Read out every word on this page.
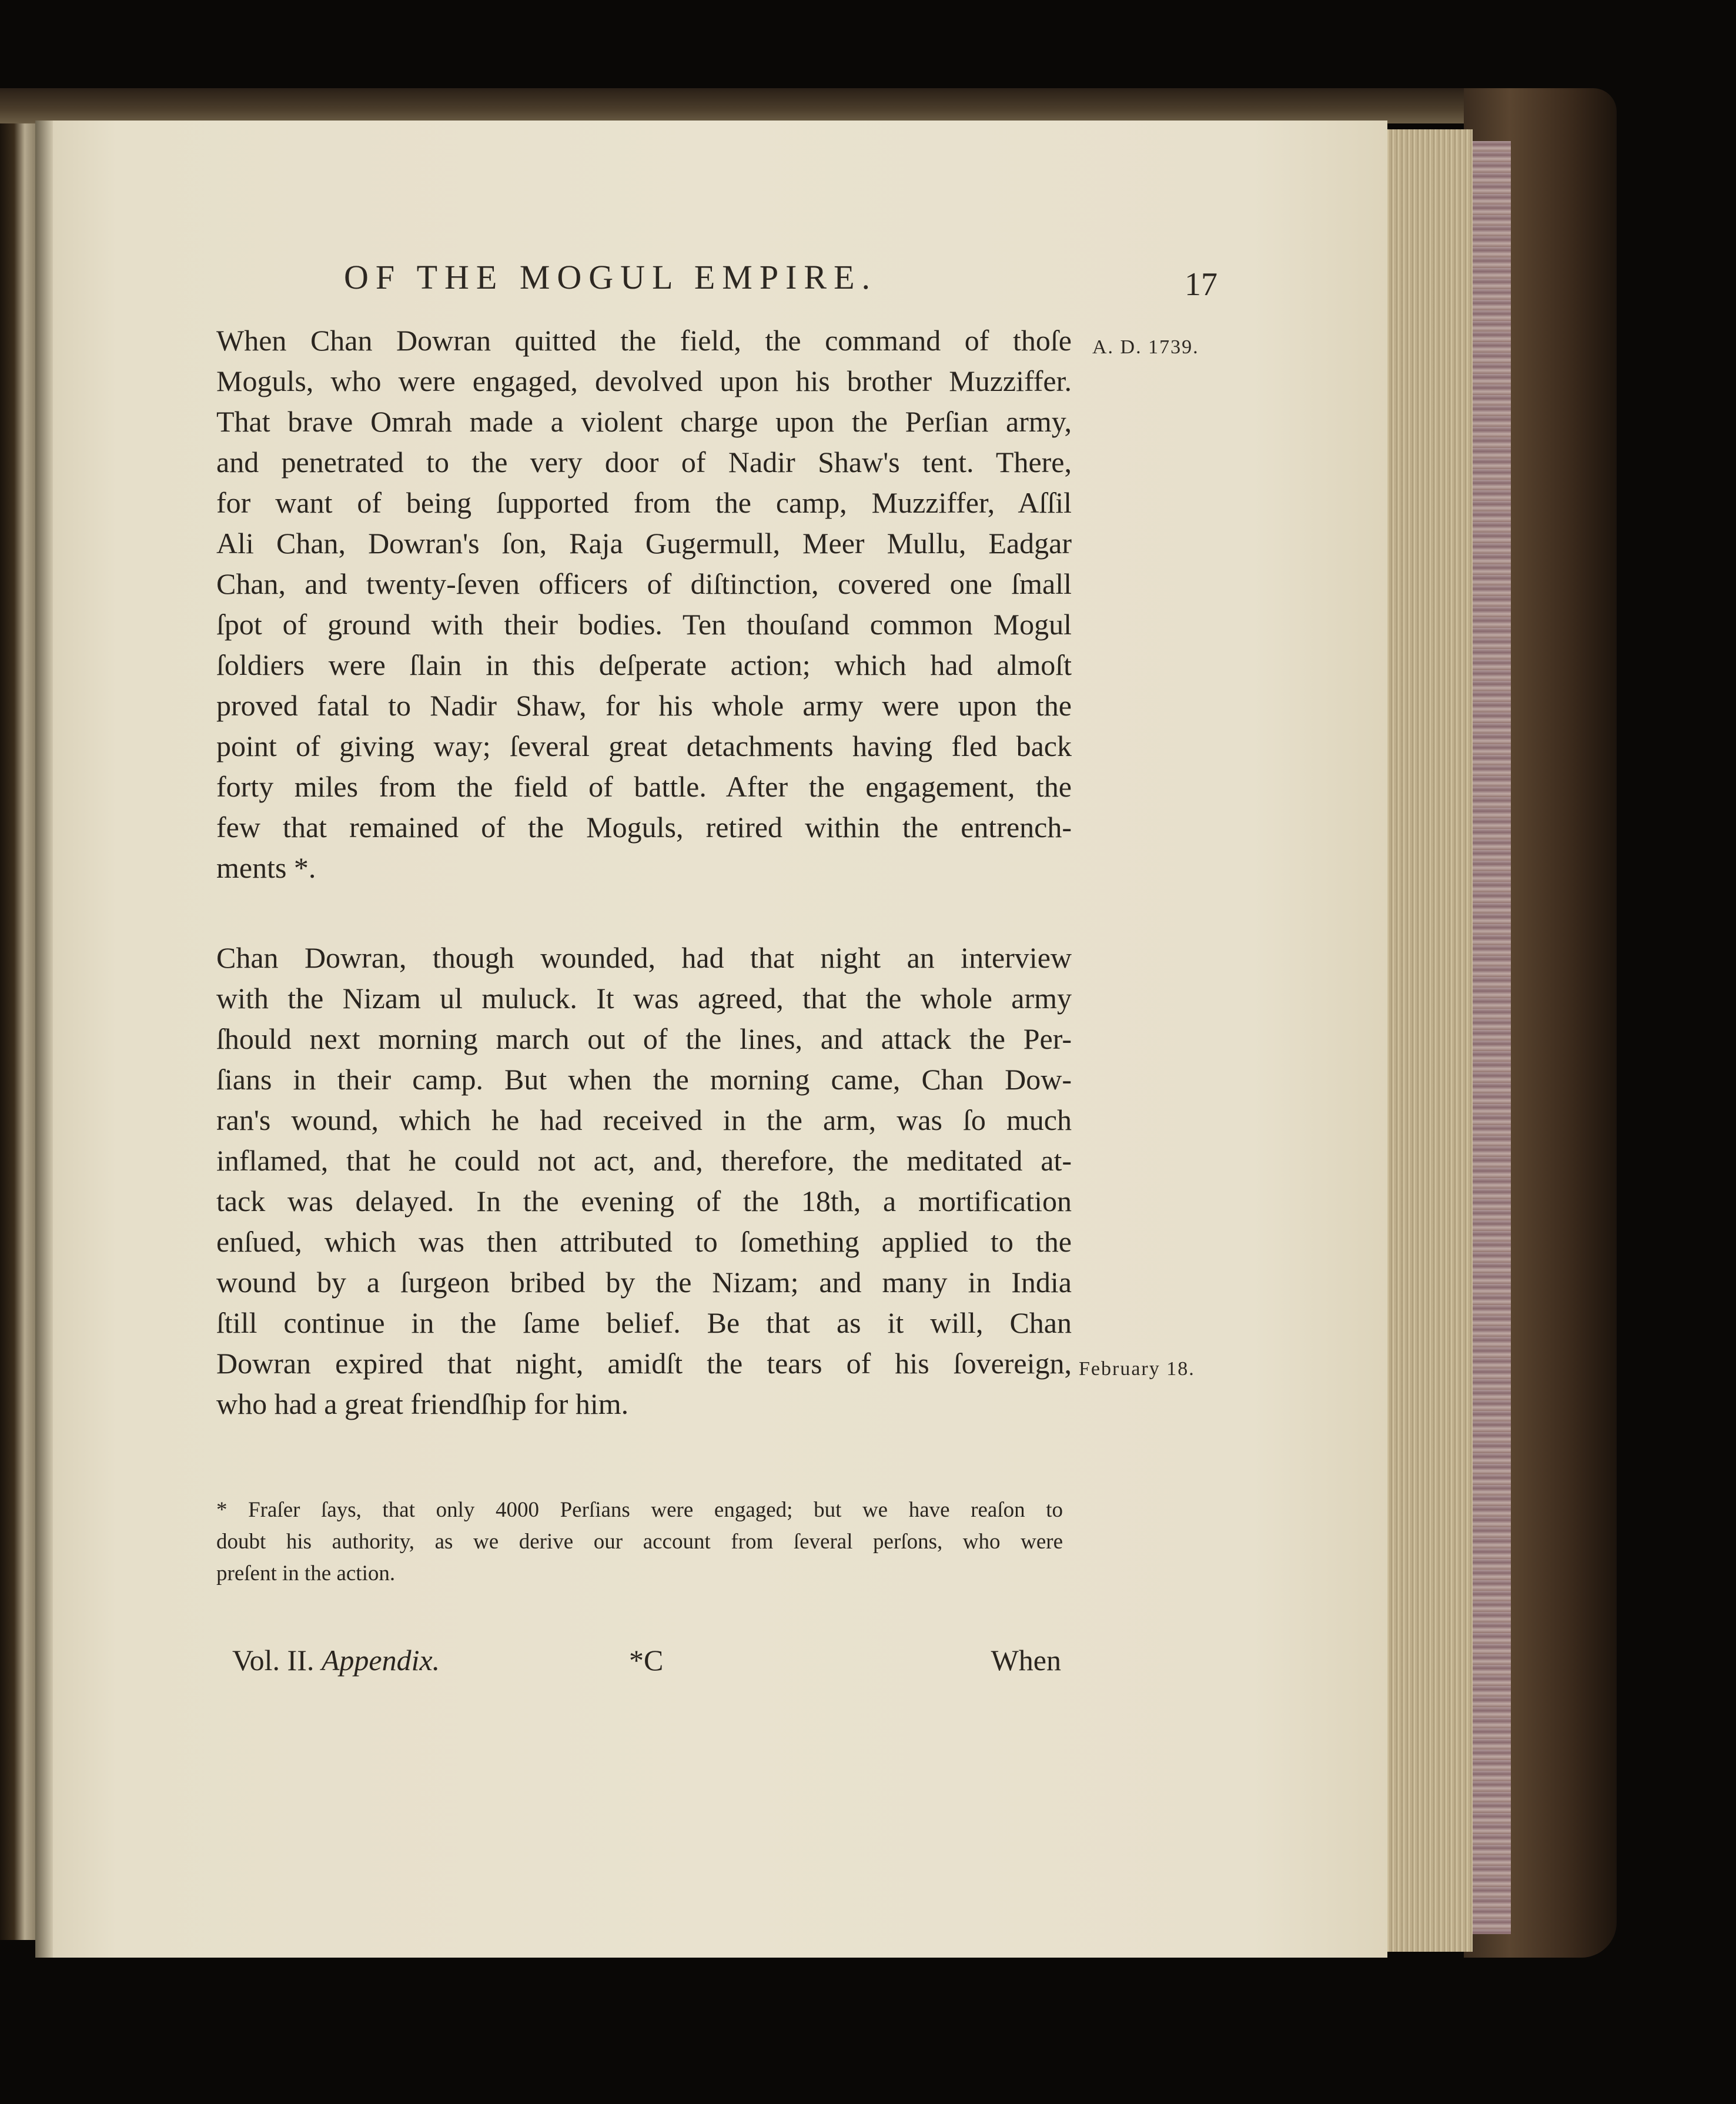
OF THE MOGUL EMPIRE.	17
A. D. 1739.
February 18.
When Chan Dowran quitted the field, the command of thoſe
Moguls, who were engaged, devolved upon his brother Muzziffer.
That brave Omrah made a violent charge upon the Perſian army,
and penetrated to the very door of Nadir Shaw's tent. There,
for want of being ſupported from the camp, Muzziffer, Aſſil
Ali Chan, Dowran's ſon, Raja Gugermull, Meer Mullu, Eadgar
Chan, and twenty-ſeven officers of diſtinction, covered one ſmall
ſpot of ground with their bodies. Ten thouſand common Mogul
ſoldiers were ſlain in this deſperate action; which had almoſt
proved fatal to Nadir Shaw, for his whole army were upon the
point of giving way; ſeveral great detachments having fled back
forty miles from the field of battle. After the engagement, the
few that remained of the Moguls, retired within the entrench-
ments *.
Chan Dowran, though wounded, had that night an interview
with the Nizam ul muluck. It was agreed, that the whole army
ſhould next morning march out of the lines, and attack the Per-
ſians in their camp. But when the morning came, Chan Dow-
ran's wound, which he had received in the arm, was ſo much
inflamed, that he could not act, and, therefore, the meditated at-
tack was delayed. In the evening of the 18th, a mortification
enſued, which was then attributed to ſomething applied to the
wound by a ſurgeon bribed by the Nizam; and many in India
ſtill continue in the ſame belief. Be that as it will, Chan
Dowran expired that night, amidſt the tears of his ſovereign,
who had a great friendſhip for him.
* Fraſer ſays, that only 4000 Perſians were engaged; but we have reaſon to
doubt his authority, as we derive our account from ſeveral perſons, who were
preſent in the action.
Vol. II. Appendix.	*C	When
